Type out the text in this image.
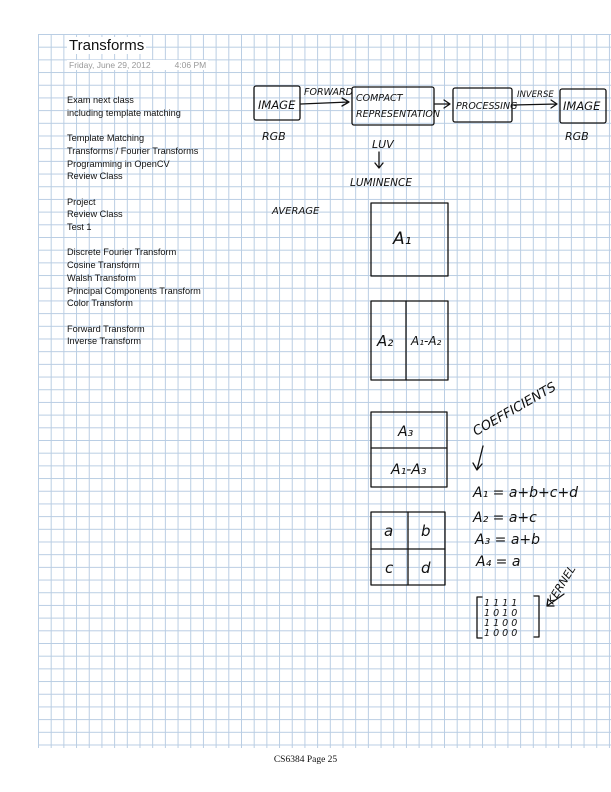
Transforms
Friday, June 29, 2012	4:06 PM
Exam next class
including template matching
Template Matching
Transforms / Fourier Transforms
Programming in OpenCV
Review Class
Project
Review Class
Test 1
Discrete Fourier Transform
Cosine Transform
Walsh Transform
Principal Components Transform
Color Transform
Forward Transform
Inverse Transform
IMAGE
FORWARD
COMPACT
REPRESENTATION
PROCESSING
INVERSE
IMAGE
RGB
LUV
RGB
LUMINENCE
AVERAGE
A₁
A₂ A₁-A₂
A₃
A₁-A₃
a b
c d
COEFFICIENTS
A₁ = a+b+c+d
A₂ = a+c
A₃ = a+b
A₄ = a
KERNEL
1 1 1 1
1 0 1 0
1 1 0 0
1 0 0 0
CS6384 Page 25
